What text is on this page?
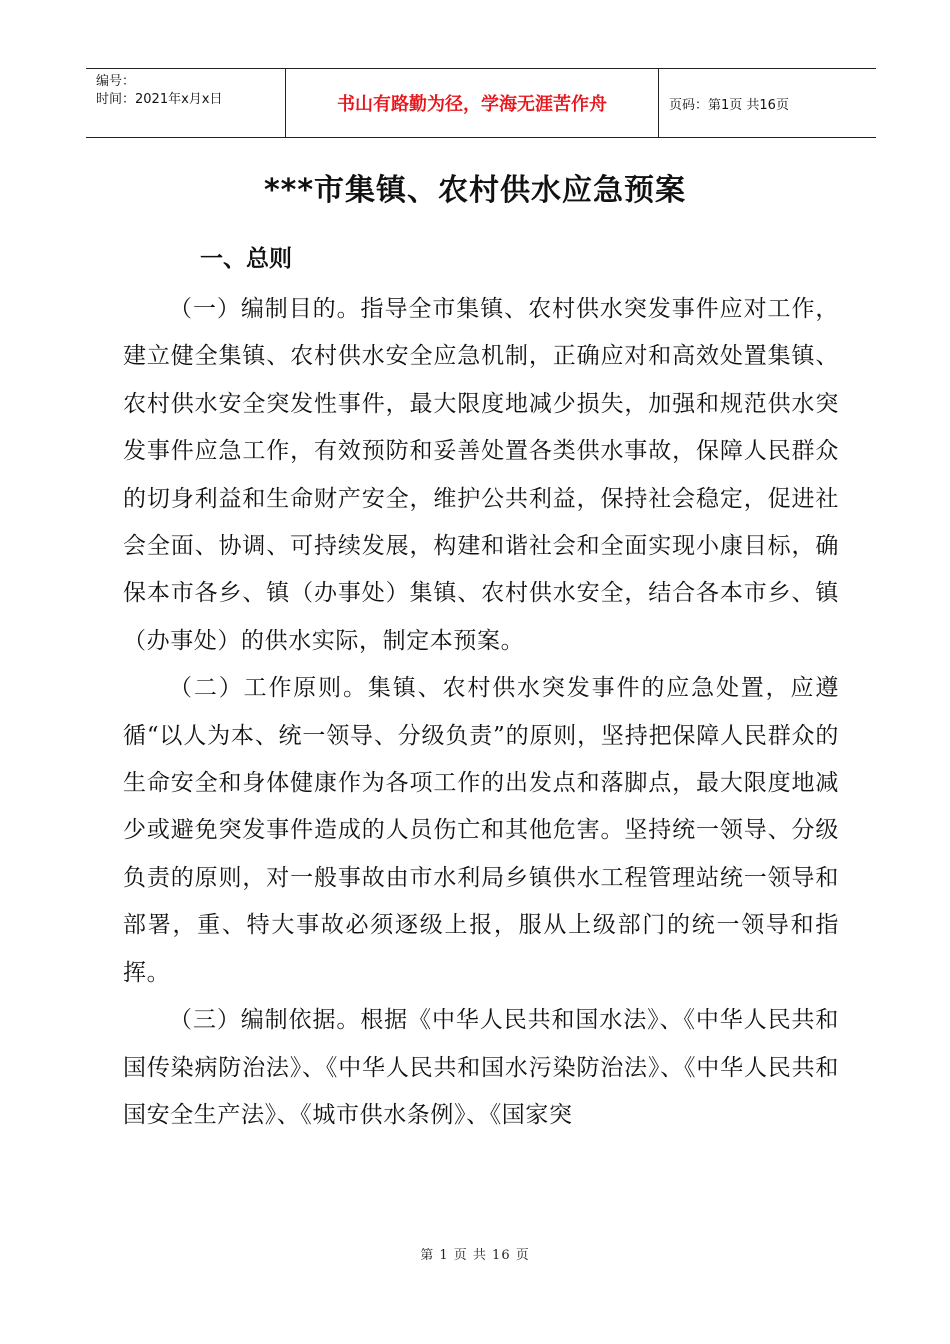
编号：
时间：2021年x月x日	书山有路勤为径，学海无涯苦作舟	页码：第1页 共16页
***市集镇、农村供水应急预案
一、总则

（一）编制目的。指导全市集镇、农村供水突发事件应对工作，建立健全集镇、农村供水安全应急机制，正确应对和高效处置集镇、农村供水安全突发性事件，最大限度地减少损失，加强和规范供水突发事件应急工作，有效预防和妥善处置各类供水事故，保障人民群众的切身利益和生命财产安全，维护公共利益，保持社会稳定，促进社会全面、协调、可持续发展，构建和谐社会和全面实现小康目标，确保本市各乡、镇（办事处）集镇、农村供水安全，结合各本市乡、镇（办事处）的供水实际，制定本预案。

（二）工作原则。集镇、农村供水突发事件的应急处置，应遵循“以人为本、统一领导、分级负责”的原则，坚持把保障人民群众的生命安全和身体健康作为各项工作的出发点和落脚点，最大限度地减少或避免突发事件造成的人员伤亡和其他危害。坚持统一领导、分级负责的原则，对一般事故由市水利局乡镇供水工程管理站统一领导和部署，重、特大事故必须逐级上报，服从上级部门的统一领导和指挥。

（三）编制依据。根据《中华人民共和国水法》、《中华人民共和国传染病防治法》、《中华人民共和国水污染防治法》、《中华人民共和国安全生产法》、《城市供水条例》、《国家突

第 1 页 共 16 页
